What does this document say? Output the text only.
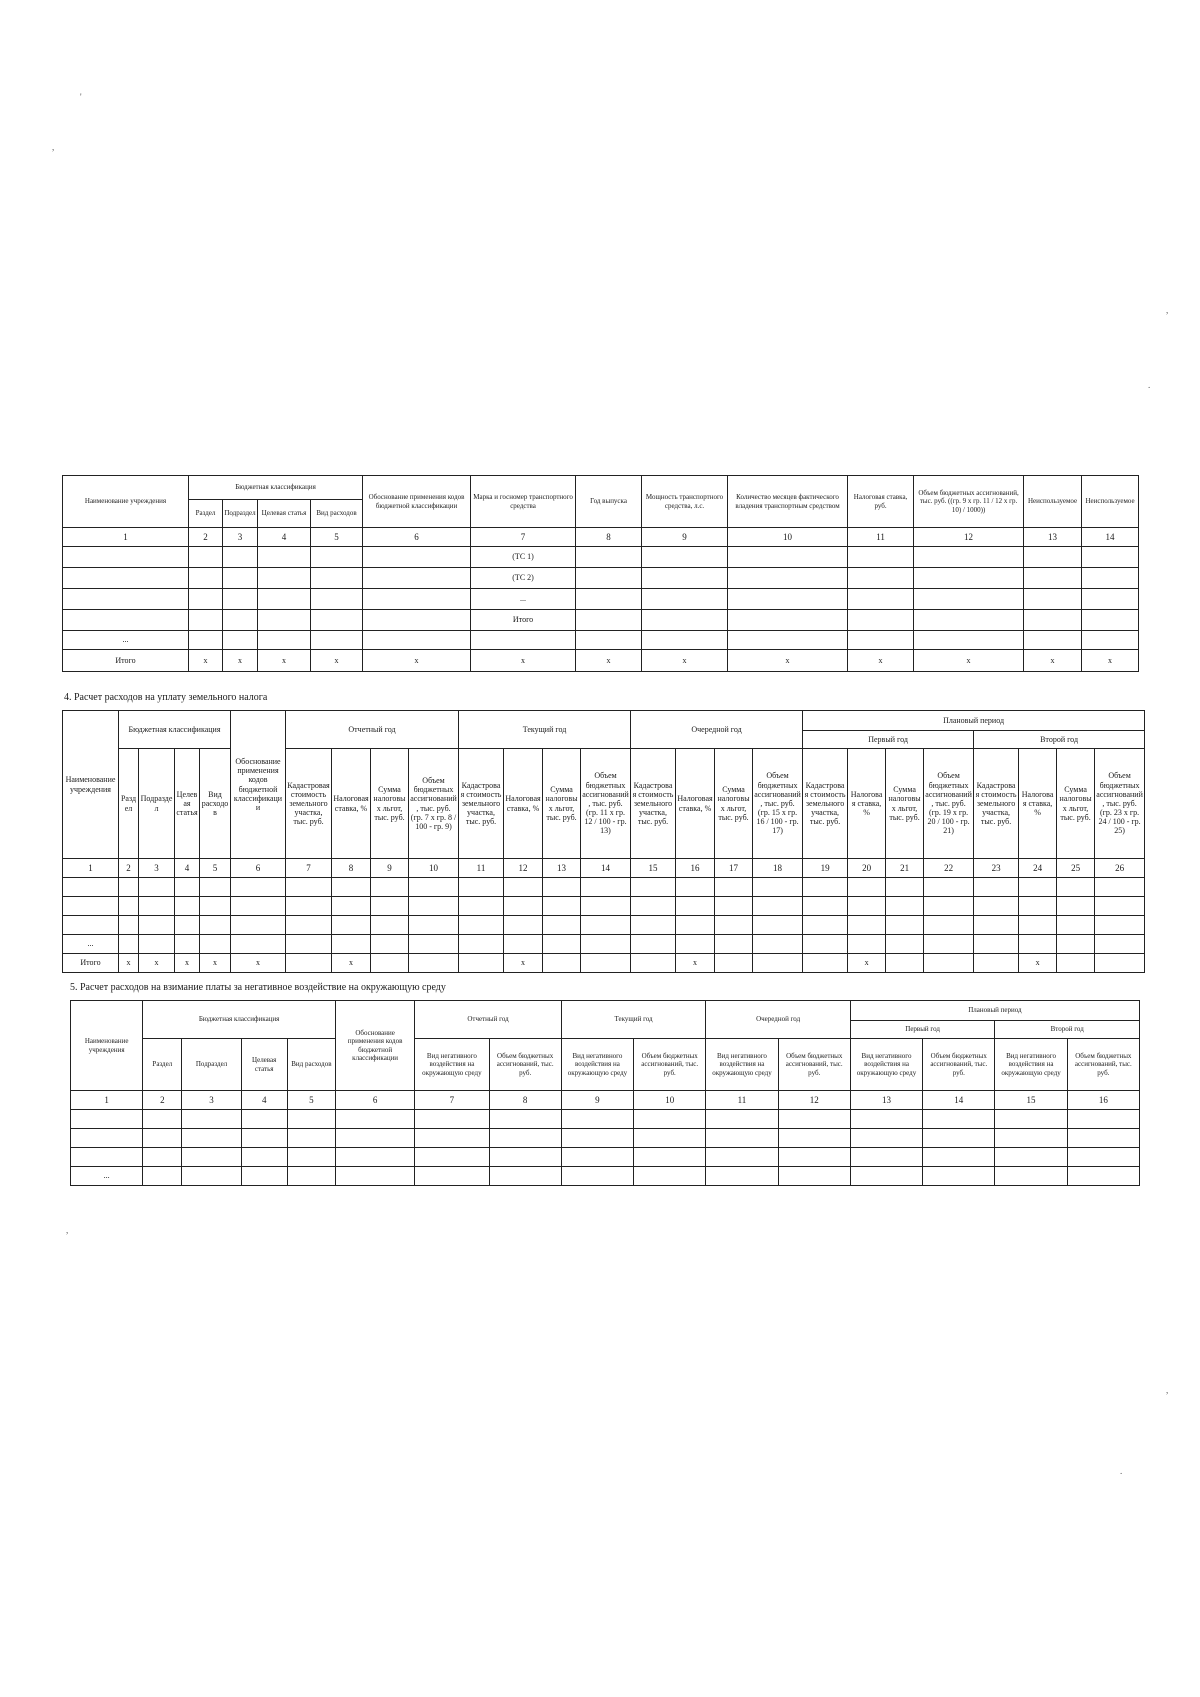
Наименование учреждения	Бюджетная классификация				Обоснование применения кодов бюджетной классификации	Марка и госномер транспортного средства	Год выпуска	Мощность транспортного средства, л.с.	Количество месяцев фактического владения транспортным средством	Налоговая ставка, руб.	Объем бюджетных ассигнований, тыс. руб. ((гр. 9 х гр. 11 / 12 х гр. 10) / 1000))	Неиспользуемое	Неиспользуемое
	Раздел	Подраздел	Целевая статья	Вид расходов									
1	2	3	4	5	6	7	8	9	10	11	12	13	14
						(ТС 1)							
						(ТС 2)							
						...							
						Итого							
...													
Итого	х	х	х	х	х	х	х	х	х	х	х	х	х

4. Расчет расходов на уплату земельного налога

Наименование учреждения	Бюджетная классификация				Обоснование применения кодов бюджетной классификации	Отчетный год				Текущий год				Очередной год				Плановый период							
																		Первый год				Второй год			
	Раздел	Подраздел	Целевая статья	Вид расходов		Кадастровая стоимость земельного участка, тыс. руб.	Налоговая ставка, %	Сумма налоговых льгот, тыс. руб.	Объем бюджетных ассигнований, тыс. руб. (гр. 7 х гр. 8 / 100 - гр. 9)	Кадастровая стоимость земельного участка, тыс. руб.	Налоговая ставка, %	Сумма налоговых льгот, тыс. руб.	Объем бюджетных ассигнований, тыс. руб. (гр. 11 х гр. 12 / 100 - гр. 13)	Кадастровая стоимость земельного участка, тыс. руб.	Налоговая ставка, %	Сумма налоговых льгот, тыс. руб.	Объем бюджетных ассигнований, тыс. руб. (гр. 15 х гр. 16 / 100 - гр. 17)	Кадастровая стоимость земельного участка, тыс. руб.	Налоговая ставка, %	Сумма налоговых льгот, тыс. руб.	Объем бюджетных ассигнований, тыс. руб. (гр. 19 х гр. 20 / 100 - гр. 21)	Кадастровая стоимость земельного участка, тыс. руб.	Налоговая ставка, %	Сумма налоговых льгот, тыс. руб.	Объем бюджетных ассигнований, тыс. руб. (гр. 23 х гр. 24 / 100 - гр. 25)
1	2	3	4	5	6	7	8	9	10	11	12	13	14	15	16	17	18	19	20	21	22	23	24	25	26

...																									
Итого	х	х	х	х	х		х				х				х				х				х		

5. Расчет расходов на взимание платы за негативное воздействие на окружающую среду

Наименование учреждения	Бюджетная классификация				Обоснование применения кодов бюджетной классификации	Отчетный год		Текущий год		Очередной год		Плановый период			
												Первый год		Второй год	
	Раздел	Подраздел	Целевая статья	Вид расходов		Вид негативного воздействия на окружающую среду	Объем бюджетных ассигнований, тыс. руб.	Вид негативного воздействия на окружающую среду	Объем бюджетных ассигнований, тыс. руб.	Вид негативного воздействия на окружающую среду	Объем бюджетных ассигнований, тыс. руб.	Вид негативного воздействия на окружающую среду	Объем бюджетных ассигнований, тыс. руб.	Вид негативного воздействия на окружающую среду	Объем бюджетных ассигнований, тыс. руб.
1	2	3	4	5	6	7	8	9	10	11	12	13	14	15	16

...															
'
,
,
.
,
,
.
